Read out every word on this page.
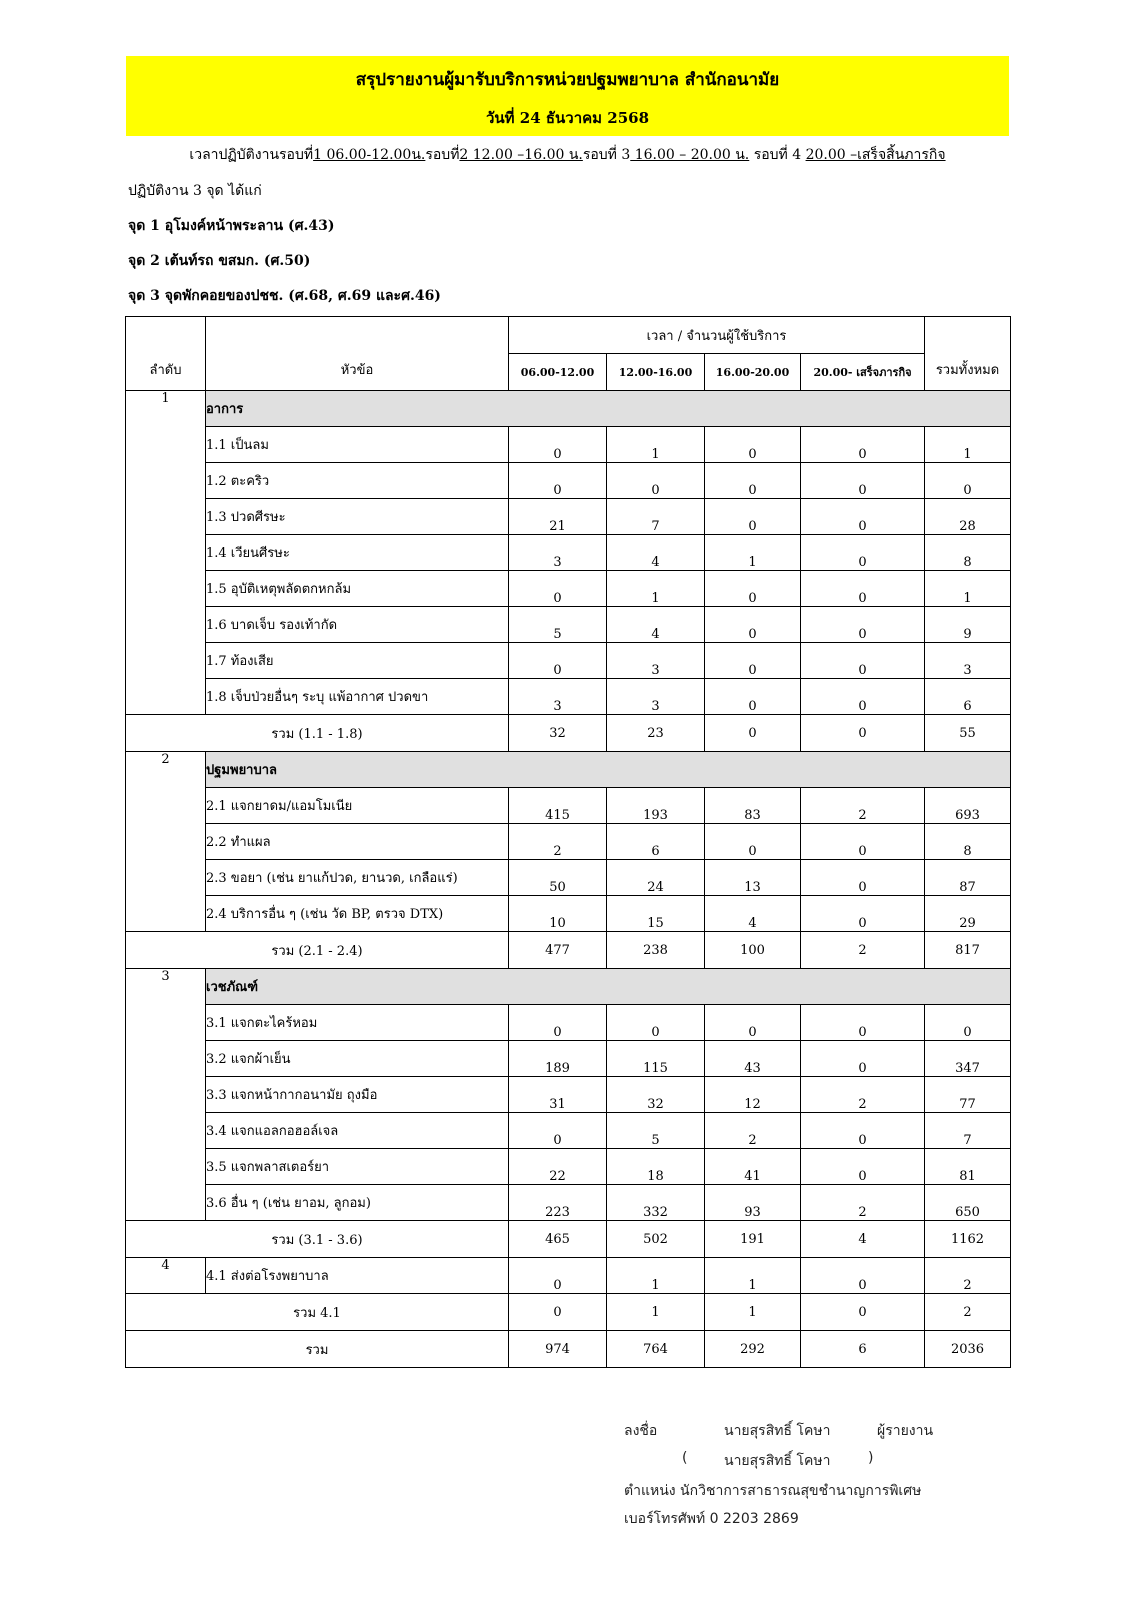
สรุปรายงานผู้มารับบริการหน่วยปฐมพยาบาล สำนักอนามัย
วันที่ 24 ธันวาคม 2568
เวลาปฏิบัติงานรอบที่1 06.00-12.00น.รอบที่2 12.00 –16.00 น.รอบที่ 3 16.00 – 20.00 น. รอบที่ 4 20.00 –เสร็จสิ้นภารกิจ
ปฏิบัติงาน 3 จุด ได้แก่
จุด 1 อุโมงค์หน้าพระลาน (ศ.43)
จุด 2 เต้นท์รถ ขสมก. (ศ.50)
จุด 3 จุดพักคอยของปชช. (ศ.68, ศ.69 และศ.46)
ลำดับ	หัวข้อ	เวลา / จำนวนผู้ใช้บริการ				รวมทั้งหมด
		06.00-12.00	12.00-16.00	16.00-20.00	20.00- เสร็จภารกิจ	
1	อาการ					
	1.1 เป็นลม	0	1	0	0	1
	1.2 ตะคริว	0	0	0	0	0
	1.3 ปวดศีรษะ	21	7	0	0	28
	1.4 เวียนศีรษะ	3	4	1	0	8
	1.5 อุบัติเหตุพลัดตกหกล้ม	0	1	0	0	1
	1.6 บาดเจ็บ รองเท้ากัด	5	4	0	0	9
	1.7 ท้องเสีย	0	3	0	0	3
	1.8 เจ็บป่วยอื่นๆ ระบุ แพ้อากาศ ปวดขา	3	3	0	0	6
รวม (1.1 - 1.8)		32	23	0	0	55
2	ปฐมพยาบาล					
	2.1 แจกยาดม/แอมโมเนีย	415	193	83	2	693
	2.2 ทำแผล	2	6	0	0	8
	2.3 ขอยา (เช่น ยาแก้ปวด, ยานวด, เกลือแร่)	50	24	13	0	87
	2.4 บริการอื่น ๆ (เช่น วัด BP, ตรวจ DTX)	10	15	4	0	29
รวม (2.1 - 2.4)		477	238	100	2	817
3	เวชภัณฑ์					
	3.1 แจกตะไคร้หอม	0	0	0	0	0
	3.2 แจกผ้าเย็น	189	115	43	0	347
	3.3 แจกหน้ากากอนามัย ถุงมือ	31	32	12	2	77
	3.4 แจกแอลกอฮอล์เจล	0	5	2	0	7
	3.5 แจกพลาสเตอร์ยา	22	18	41	0	81
	3.6 อื่น ๆ (เช่น ยาอม, ลูกอม)	223	332	93	2	650
รวม (3.1 - 3.6)		465	502	191	4	1162
4	4.1 ส่งต่อโรงพยาบาล	0	1	1	0	2
รวม 4.1		0	1	1	0	2
รวม		974	764	292	6	2036
ลงชื่อ	นายสุรสิทธิ์ โคษา	ผู้รายงาน
(	นายสุรสิทธิ์ โคษา	)
ตำแหน่ง นักวิชาการสาธารณสุขชำนาญการพิเศษ
เบอร์โทรศัพท์ 0 2203 2869
